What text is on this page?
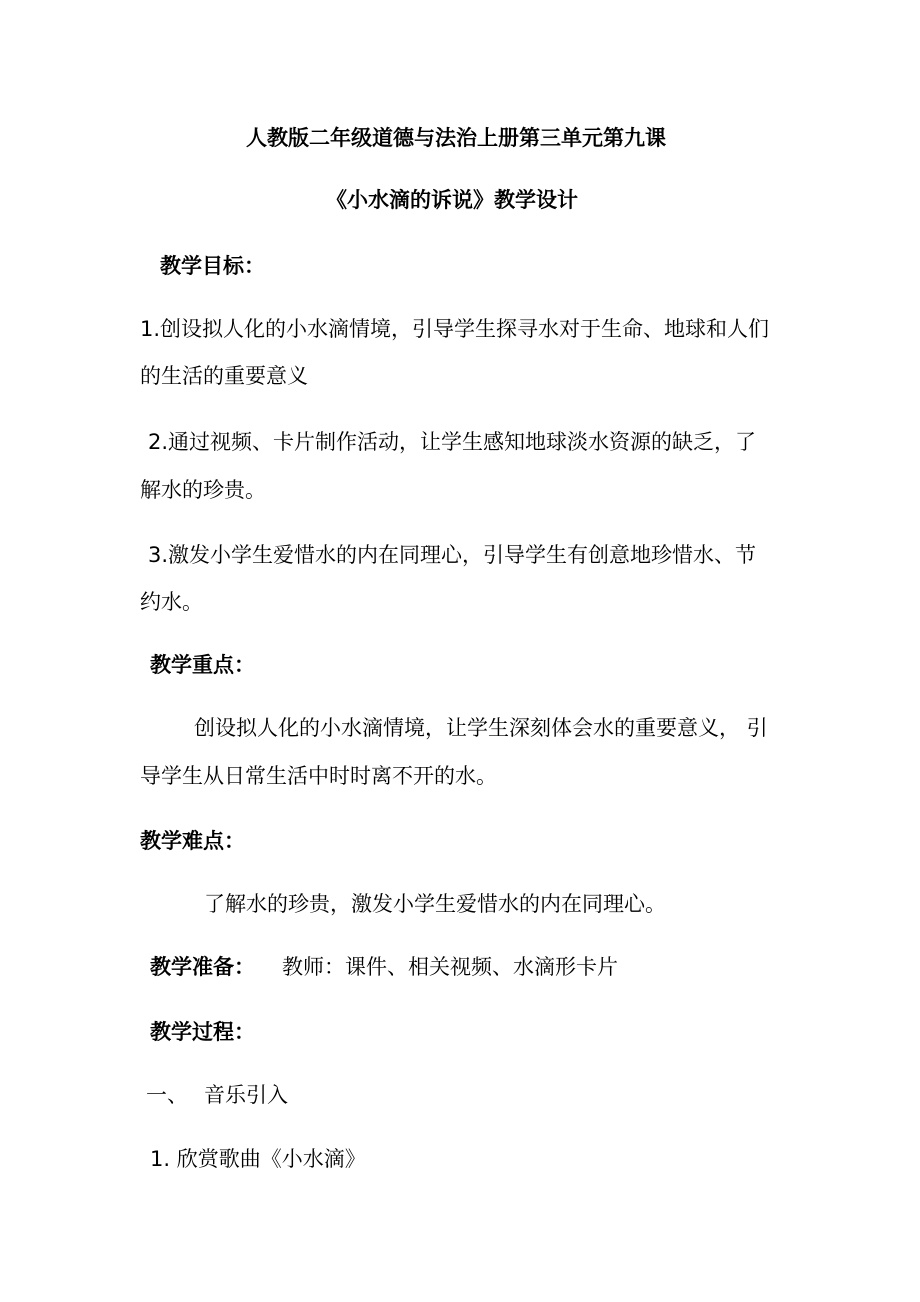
人教版二年级道德与法治上册第三单元第九课
《小水滴的诉说》教学设计
教学目标：
1.创设拟人化的小水滴情境，引导学生探寻水对于生命、地球和人们
的生活的重要意义
2.通过视频、卡片制作活动，让学生感知地球淡水资源的缺乏，了
解水的珍贵。
3.激发小学生爱惜水的内在同理心，引导学生有创意地珍惜水、节
约水。
教学重点：
创设拟人化的小水滴情境，让学生深刻体会水的重要意义， 引
导学生从日常生活中时时离不开的水。
教学难点：
了解水的珍贵，激发小学生爱惜水的内在同理心。
教学准备： 教师：课件、相关视频、水滴形卡片
教学过程：
一、 音乐引入
1. 欣赏歌曲《小水滴》
